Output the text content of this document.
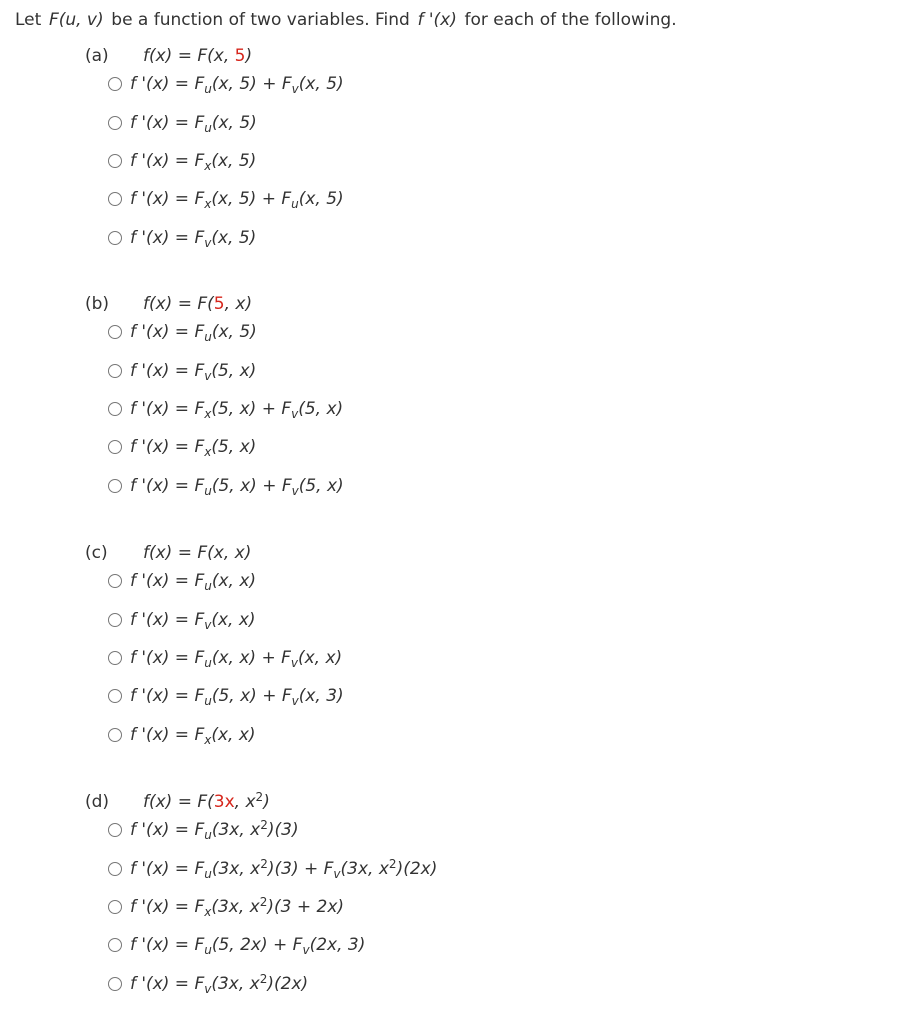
Let F(u, v) be a function of two variables. Find f '(x) for each of the following.
(a) f(x) = F(x, 5)
f '$(x) = F_u(x$, $5) + F_v(x$, 5)
f '$(x) = F_u(x$, 5)
f '$(x) = F_x(x$, 5)
f '$(x) = F_x(x$, $5) + F_u(x$, 5)
f '$(x) = F_v(x$, 5)
(b) f(x) = F(5, x)
f '$(x) = F_u(x$, 5)
f '$(x) = F_v(5$, x)
f '$(x) = F_x(5$, $x) + F_v(5$, x)
f '$(x) = F_x(5$, x)
f '$(x) = F_u(5$, $x) + F_v(5$, x)
(c) f(x) = F(x, x)
f '$(x) = F_u(x$, x)
f '$(x) = F_v(x$, x)
f '$(x) = F_u(x$, $x) + F_v(x$, x)
f '$(x) = F_u(5$, $x) + F_v(x$, 3)
f '$(x) = F_x(x$, x)
(d) f(x) = F(3x, $x^2$)
f '$(x) = F_u(3x$, $x^2)(3)$
f '$(x) = F_u(3x$, $x^2)(3) + F_v(3x$, $x^2)(2x)$
f '$(x) = F_x(3x$, $x^2)(3 + 2x)$
f '$(x) = F_u(5$, $2x) + F_v(2x$, 3)
f '$(x) = F_v(3x$, $x^2)(2x)$
